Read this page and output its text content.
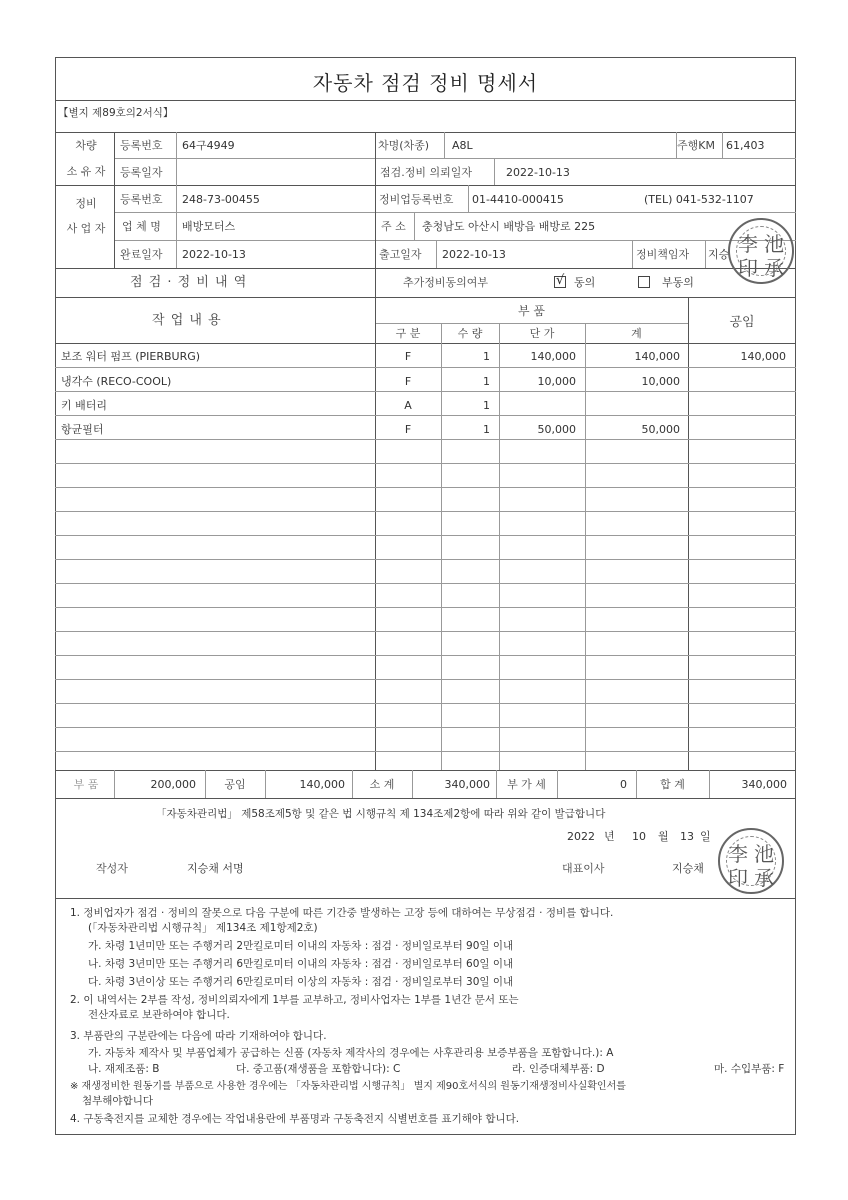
자동차 점검 정비 명세서
【별지 제89호의2서식】
차량
소 유 자
등록번호 64구4949
등록일자
차명(차종) A8L	주행KM 61,403
점검.정비 의뢰일자	2022-10-13
정비
사 업 자
등록번호 248-73-00455	정비업등록번호 01-4410-000415	(TEL) 041-532-1107
업 체 명 배방모터스	주 소 충청남도 아산시 배방읍 배방로 225
완료일자 2022-10-13	출고일자 2022-10-13	정비책임자 지승 李 池
印 承
점 검 · 정 비 내 역	추가정비동의여부	√ 동의	부동의
작 업 내 용
부 품
구 분	수 량	단 가	계
공임
보조 워터 펌프 (PIERBURG)	F	1	140,000	140,000	140,000
냉각수 (RECO-COOL)	F	1	10,000	10,000
키 배터리	A	1
항균필터	F	1	50,000	50,000
부 품	200,000	공임	140,000	소 계	340,000	부 가 세	0	합 계	340,000
「자동차관리법」 제58조제5항 및 같은 법 시행규칙 제 134조제2항에 따라 위와 같이 발급합니다
2022 년 10 월 13 일
작성자	지승채 서명	대표이사	지승채
李 池
印 承
1. 정비업자가 점검 · 정비의 잘못으로 다음 구분에 따른 기간중 발생하는 고장 등에 대하여는 무상점검 · 정비를 합니다.
(「자동차관리법 시행규칙」 제134조 제1항제2호)
가. 차령 1년미만 또는 주행거리 2만킬로미터 이내의 자동차 : 점검 · 정비일로부터 90일 이내
나. 차령 3년미만 또는 주행거리 6만킬로미터 이내의 자동차 : 점검 · 정비일로부터 60일 이내
다. 차령 3년이상 또는 주행거리 6만킬로미터 이상의 자동차 : 점검 · 정비일로부터 30일 이내
2. 이 내역서는 2부를 작성, 정비의뢰자에게 1부를 교부하고, 정비사업자는 1부를 1년간 문서 또는
전산자료로 보관하여야 합니다.
3. 부품란의 구분란에는 다음에 따라 기재하여야 합니다.
가. 자동차 제작사 및 부품업체가 공급하는 신품 (자동차 제작사의 경우에는 사후관리용 보증부품을 포함합니다.): A
나. 재제조품: B	다. 중고품(재생품을 포함합니다): C	라. 인증대체부품: D	마. 수입부품: F
※ 재생정비한 원동기를 부품으로 사용한 경우에는 「자동차관리법 시행규칙」 별지 제90호서식의 원동기재생정비사실확인서를
첨부해야합니다
4. 구동축전지를 교체한 경우에는 작업내용란에 부품명과 구동축전지 식별번호를 표기해야 합니다.
